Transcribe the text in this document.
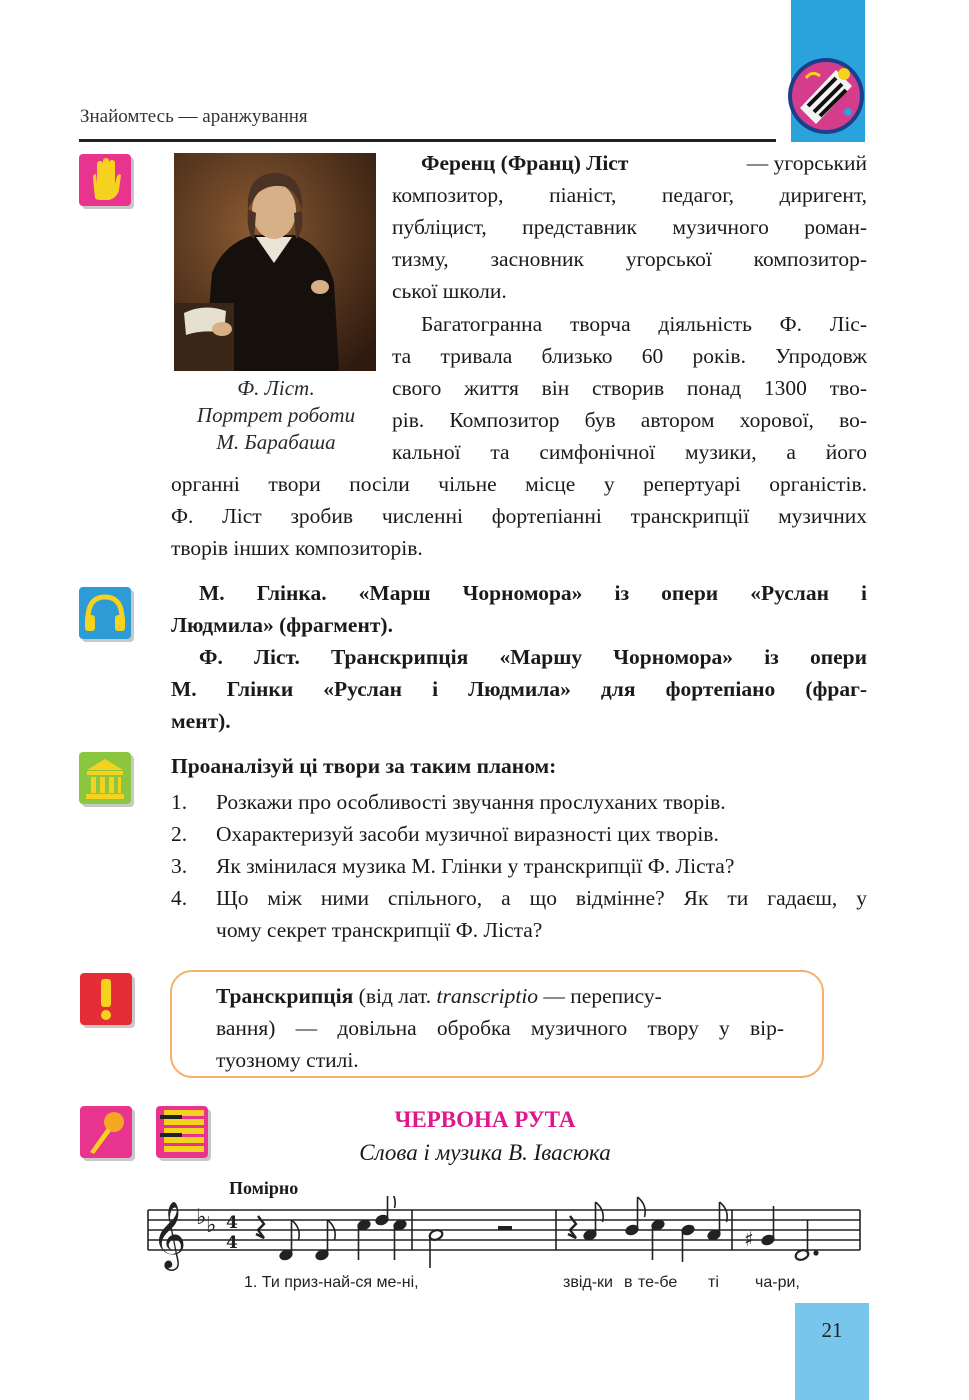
Знайомтесь — аранжування
Ф. Ліст.
Портрет роботи
М. Барабаша
Ференц (Франц) Ліст	— угорський
композитор, піаніст, педагог, диригент,
публіцист, представник музичного роман-
тизму, засновник угорської композитор-
ської школи.
Багатогранна творча діяльність Ф. Ліс-
та тривала близько 60 років. Упродовж
свого життя він створив понад 1300 тво-
рів. Композитор був автором хорової, во-
кальної та симфонічної музики, а його
органні твори посіли чільне місце у репертуарі органістів.
Ф. Ліст зробив численні фортепіанні транскрипції музичних
творів інших композиторів.
М. Глінка. «Марш Чорномора» із опери «Руслан і
Людмила» (фрагмент).
Ф. Ліст. Транскрипція «Маршу Чорномора» із опери
М. Глінки «Руслан і Людмила» для фортепіано (фраг-
мент).
Проаналізуй ці твори за таким планом:
1. Розкажи про особливості звучання прослуханих творів.
2. Охарактеризуй засоби музичної виразності цих творів.
3. Як змінилася музика М. Глінки у транскрипції Ф. Ліста?
4. Що між ними спільного, а що відмінне? Як ти гадаєш, у
чому секрет транскрипції Ф. Ліста?
Транскрипція (від лат. transcriptio — перепису-
вання) — довільна обробка музичного твору у вір-
туозному стилі.
ЧЕРВОНА РУТА
Слова і музика В. Івасюка
Помірно
𝄞 ♭ ♭ 4
4	♯
1. Ти приз-най-ся ме-ні,	звід-ки в те-бе ті ча-ри,
21
